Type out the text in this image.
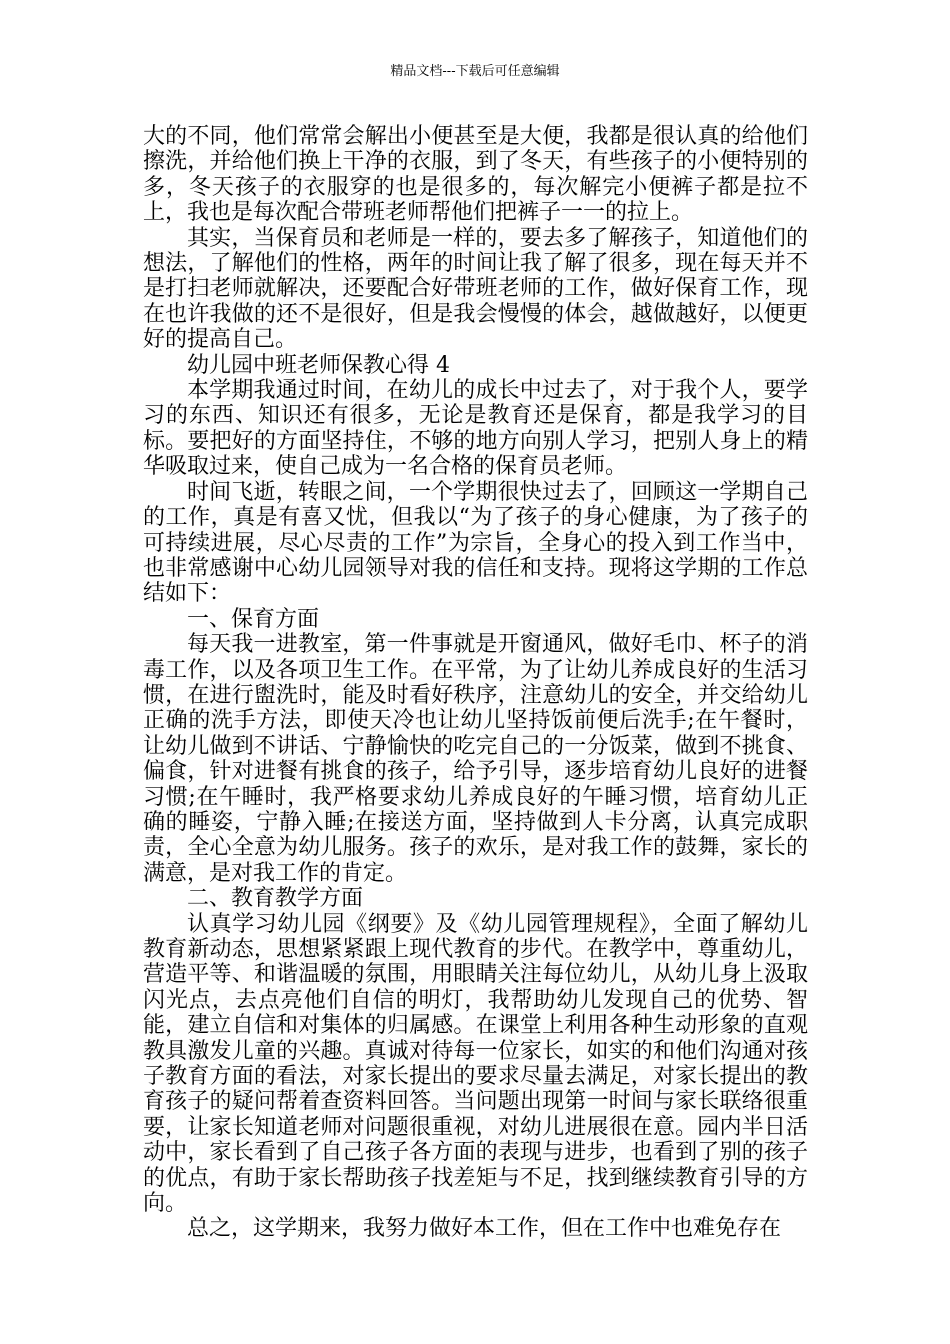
精品文档---下载后可任意编辑

大的不同，他们常常会解出小便甚至是大便，我都是很认真的给他们擦洗，并给他们换上干净的衣服，到了冬天，有些孩子的小便特别的多，冬天孩子的衣服穿的也是很多的，每次解完小便裤子都是拉不上，我也是每次配合带班老师帮他们把裤子一一的拉上。

其实，当保育员和老师是一样的，要去多了解孩子，知道他们的想法，了解他们的性格，两年的时间让我了解了很多，现在每天并不是打扫老师就解决，还要配合好带班老师的工作，做好保育工作，现在也许我做的还不是很好，但是我会慢慢的体会，越做越好，以便更好的提高自己。

幼儿园中班老师保教心得 4

本学期我通过时间，在幼儿的成长中过去了，对于我个人，要学习的东西、知识还有很多，无论是教育还是保育，都是我学习的目标。要把好的方面坚持住，不够的地方向别人学习，把别人身上的精华吸取过来，使自己成为一名合格的保育员老师。

时间飞逝，转眼之间，一个学期很快过去了，回顾这一学期自己的工作，真是有喜又忧，但我以“为了孩子的身心健康，为了孩子的可持续进展，尽心尽责的工作”为宗旨，全身心的投入到工作当中，也非常感谢中心幼儿园领导对我的信任和支持。现将这学期的工作总结如下：

一、保育方面

每天我一进教室，第一件事就是开窗通风，做好毛巾、杯子的消毒工作，以及各项卫生工作。在平常，为了让幼儿养成良好的生活习惯，在进行盥洗时，能及时看好秩序，注意幼儿的安全，并交给幼儿正确的洗手方法，即使天冷也让幼儿坚持饭前便后洗手;在午餐时，让幼儿做到不讲话、宁静愉快的吃完自己的一分饭菜，做到不挑食、偏食，针对进餐有挑食的孩子，给予引导，逐步培育幼儿良好的进餐习惯;在午睡时，我严格要求幼儿养成良好的午睡习惯，培育幼儿正确的睡姿，宁静入睡;在接送方面，坚持做到人卡分离，认真完成职责，全心全意为幼儿服务。孩子的欢乐，是对我工作的鼓舞，家长的满意，是对我工作的肯定。

二、教育教学方面

认真学习幼儿园《纲要》及《幼儿园管理规程》，全面了解幼儿教育新动态，思想紧紧跟上现代教育的步代。在教学中，尊重幼儿，营造平等、和谐温暖的氛围，用眼睛关注每位幼儿，从幼儿身上汲取闪光点，去点亮他们自信的明灯，我帮助幼儿发现自己的优势、智能，建立自信和对集体的归属感。在课堂上利用各种生动形象的直观教具激发儿童的兴趣。真诚对待每一位家长，如实的和他们沟通对孩子教育方面的看法，对家长提出的要求尽量去满足，对家长提出的教育孩子的疑问帮着查资料回答。当问题出现第一时间与家长联络很重要，让家长知道老师对问题很重视，对幼儿进展很在意。园内半日活动中，家长看到了自己孩子各方面的表现与进步，也看到了别的孩子的优点，有助于家长帮助孩子找差矩与不足，找到继续教育引导的方向。

总之，这学期来，我努力做好本工作，但在工作中也难免存在
